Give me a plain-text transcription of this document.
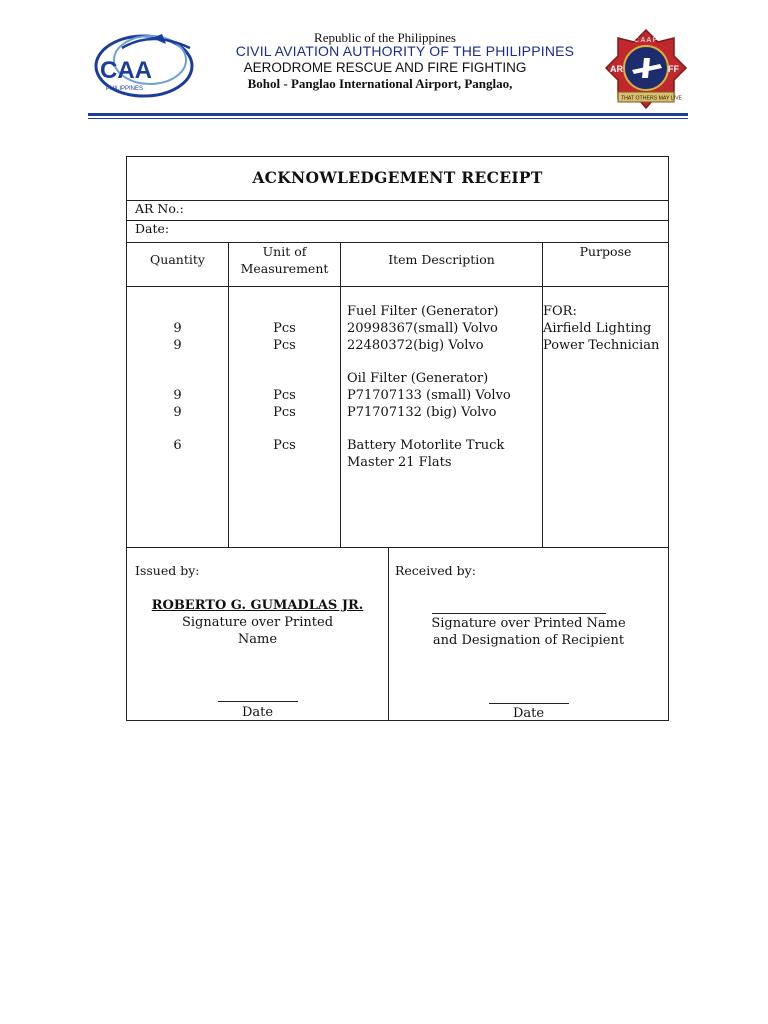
CAA
PHILIPPINES
Republic of the Philippines
CIVIL AVIATION AUTHORITY OF THE PHILIPPINES
AERODROME RESCUE AND FIRE FIGHTING
Bohol - Panglao International Airport, Panglao,
C A A P
AR	FF
THAT OTHERS MAY LIVE
ACKNOWLEDGEMENT RECEIPT
AR No.:
Date:
Quantity
Unit of
Measurement
Item Description
Purpose
9
9
9
9
6
Pcs
Pcs
Pcs
Pcs
Pcs
Fuel Filter (Generator)
20998367(small) Volvo
22480372(big) Volvo
Oil Filter (Generator)
P71707133 (small) Volvo
P71707132 (big) Volvo
Battery Motorlite Truck
Master 21 Flats
FOR:
Airfield Lighting
Power Technician
Issued by:
ROBERTO G. GUMADLAS JR.
Signature over Printed
Name
Date
Received by:
Signature over Printed Name
and Designation of Recipient
Date
